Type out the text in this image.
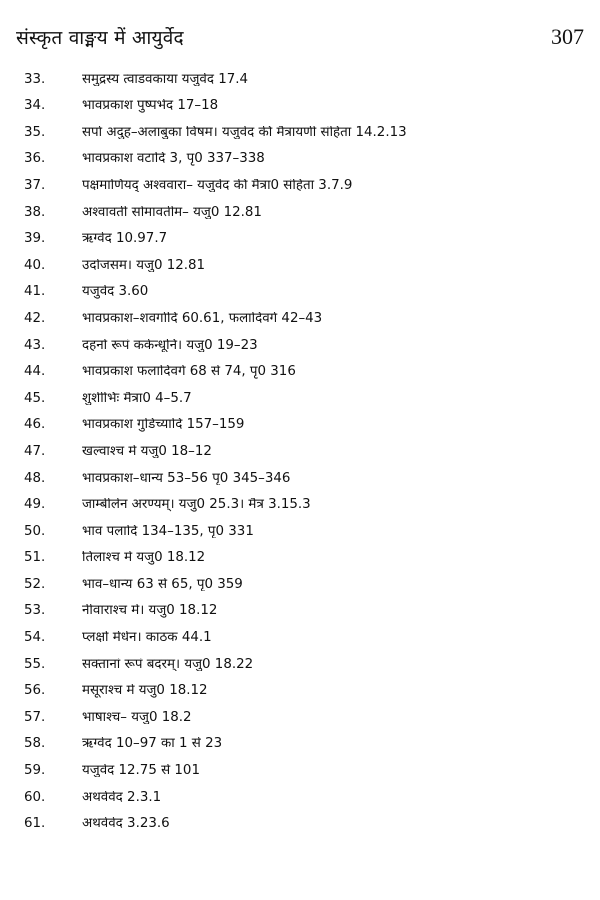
संस्कृत वाङ्मय में आयुर्वेद	307
33.	समुद्रस्य त्वाडवकाया यजुर्वेद 17.4
34.	भावप्रकाश पुष्पभेद 17–18
35.	सर्पा अदुह–अलाबुका विषम। यजुर्वेद की मैत्रायणी संहिता 14.2.13
36.	भावप्रकाश वटादि 3, पृ0 337–338
37.	पक्षमाणियद् अश्ववारा– यजुर्वेद की मैत्रा0 संहिता 3.7.9
38.	अश्वावती सोमावतीम– यजु0 12.81
39.	ऋग्वेद 10.97.7
40.	उदोजसम। यजु0 12.81
41.	यजुर्वेद 3.60
42.	भावप्रकाश–शवर्गादि 60.61, फलादिवर्ग 42–43
43.	दहनो रूपं कर्कन्धूनि। यजु0 19–23
44.	भावप्रकाश फलादिवर्ग 68 से 74, पृ0 316
45.	शुशीभिः मैत्रा0 4–5.7
46.	भावप्रकाश गुडिच्यादि 157–159
47.	खल्वाश्च में यजु0 18–12
48.	भावप्रकाश–धान्य 53–56 पृ0 345–346
49.	जाम्बीलेन अरण्यम्। यजु0 25.3। मैत्र 3.15.3
50.	भाव पलादि 134–135, पृ0 331
51.	तिलाश्च में यजु0 18.12
52.	भाव–धान्य 63 से 65, पृ0 359
53.	नीवाराश्च मे। यजु0 18.12
54.	प्लक्षो मेधेन। काठक 44.1
55.	सक्तानां रूपं बदरम्। यजु0 18.22
56.	मसूराश्च में यजु0 18.12
57.	भाषाश्च– यजु0 18.2
58.	ऋग्वेद 10–97 का 1 से 23
59.	यजुर्वेद 12.75 से 101
60.	अथर्ववेद 2.3.1
61.	अथर्ववेद 3.23.6
